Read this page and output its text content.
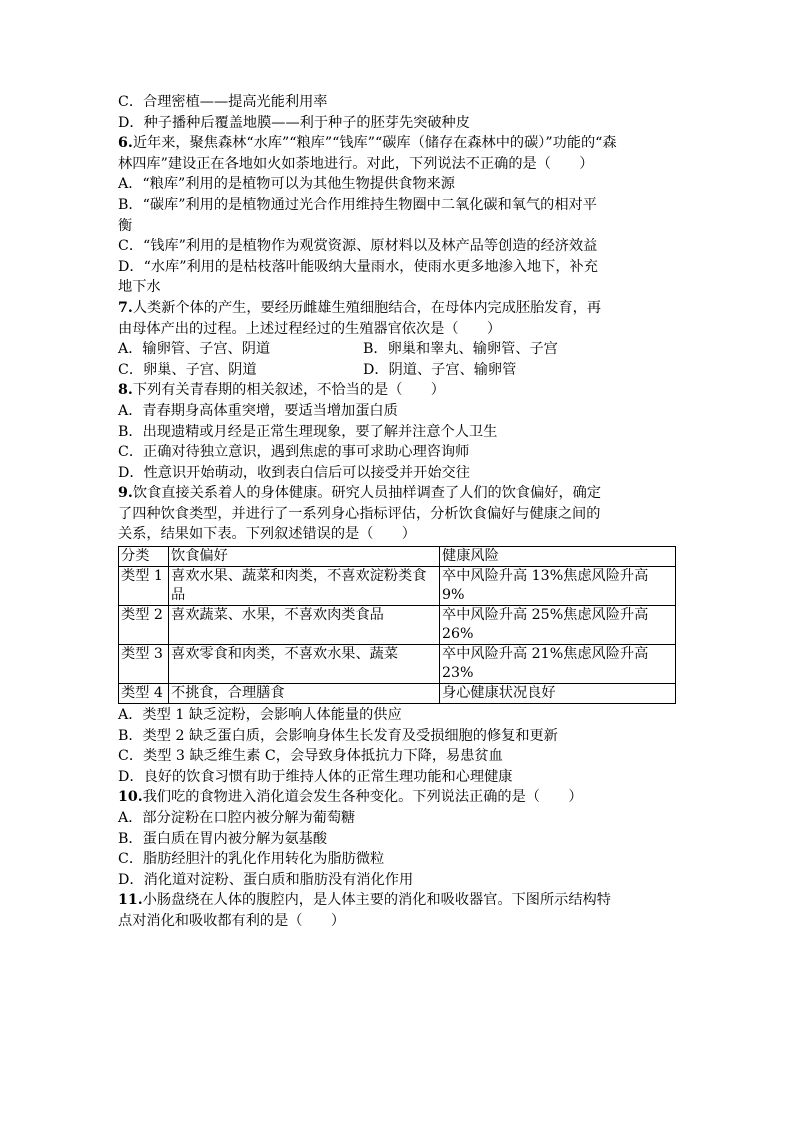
C．合理密植——提高光能利用率
D．种子播种后覆盖地膜——利于种子的胚芽先突破种皮
6.近年来，聚焦森林“水库”“粮库”“钱库”“碳库（储存在森林中的碳）”功能的“森
林四库”建设正在各地如火如荼地进行。对此，下列说法不正确的是（　　）
A．“粮库”利用的是植物可以为其他生物提供食物来源
B．“碳库”利用的是植物通过光合作用维持生物圈中二氧化碳和氧气的相对平
衡
C．“钱库”利用的是植物作为观赏资源、原材料以及林产品等创造的经济效益
D．“水库”利用的是枯枝落叶能吸纳大量雨水，使雨水更多地渗入地下，补充
地下水
7.人类新个体的产生，要经历雌雄生殖细胞结合，在母体内完成胚胎发育，再
由母体产出的过程。上述过程经过的生殖器官依次是（　　）
A．输卵管、子宫、阴道	B．卵巢和睾丸、输卵管、子宫
C．卵巢、子宫、阴道	D．阴道、子宫、输卵管
8.下列有关青春期的相关叙述，不恰当的是（　　）
A．青春期身高体重突增，要适当增加蛋白质
B．出现遗精或月经是正常生理现象，要了解并注意个人卫生
C．正确对待独立意识，遇到焦虑的事可求助心理咨询师
D．性意识开始萌动，收到表白信后可以接受并开始交往
9.饮食直接关系着人的身体健康。研究人员抽样调查了人们的饮食偏好，确定
了四种饮食类型，并进行了一系列身心指标评估，分析饮食偏好与健康之间的
关系，结果如下表。下列叙述错误的是（　　）
分类	饮食偏好	健康风险
类型 1	喜欢水果、蔬菜和肉类，不喜欢淀粉类食品	卒中风险升高 13%焦虑风险升高 9%
类型 2	喜欢蔬菜、水果，不喜欢肉类食品	卒中风险升高 25%焦虑风险升高 26%
类型 3	喜欢零食和肉类，不喜欢水果、蔬菜	卒中风险升高 21%焦虑风险升高 23%
类型 4	不挑食，合理膳食	身心健康状况良好
A．类型 1 缺乏淀粉，会影响人体能量的供应
B．类型 2 缺乏蛋白质，会影响身体生长发育及受损细胞的修复和更新
C．类型 3 缺乏维生素 C，会导致身体抵抗力下降，易患贫血
D．良好的饮食习惯有助于维持人体的正常生理功能和心理健康
10.我们吃的食物进入消化道会发生各种变化。下列说法正确的是（　　）
A．部分淀粉在口腔内被分解为葡萄糖
B．蛋白质在胃内被分解为氨基酸
C．脂肪经胆汁的乳化作用转化为脂肪微粒
D．消化道对淀粉、蛋白质和脂肪没有消化作用
11.小肠盘绕在人体的腹腔内，是人体主要的消化和吸收器官。下图所示结构特
点对消化和吸收都有利的是（　　）
